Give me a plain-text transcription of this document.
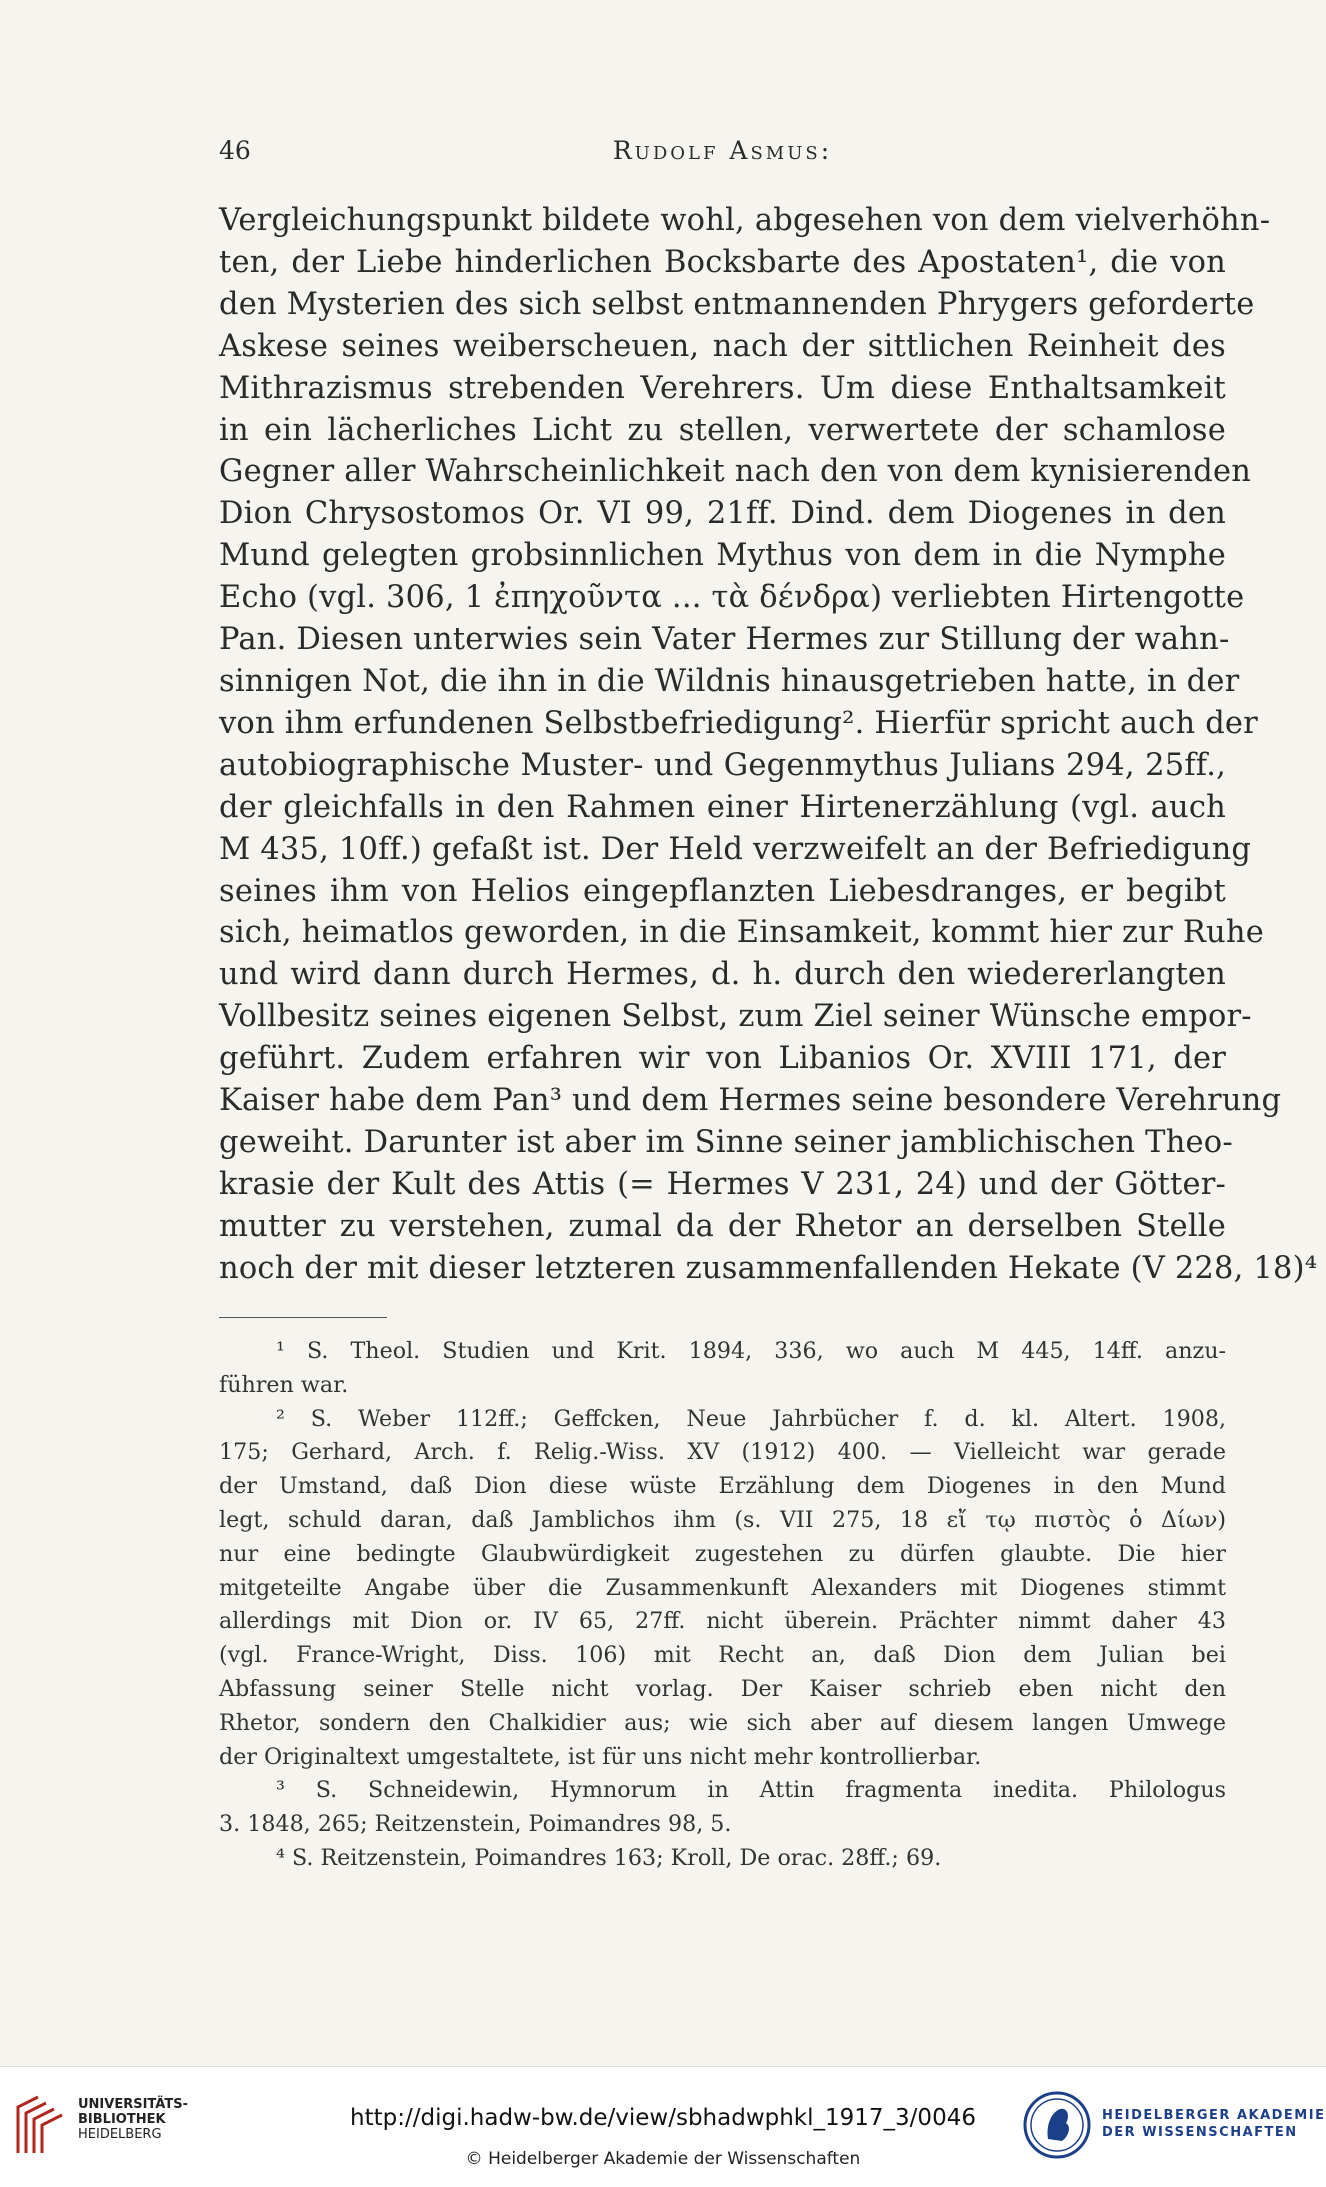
46	Rudolf Asmus:
Vergleichungspunkt bildete wohl, abgesehen von dem vielverhöhn-
ten, der Liebe hinderlichen Bocksbarte des Apostaten¹, die von
den Mysterien des sich selbst entmannenden Phrygers geforderte
Askese seines weiberscheuen, nach der sittlichen Reinheit des
Mithrazismus strebenden Verehrers. Um diese Enthaltsamkeit
in ein lächerliches Licht zu stellen, verwertete der schamlose
Gegner aller Wahrscheinlichkeit nach den von dem kynisierenden
Dion Chrysostomos Or. VI 99, 21ff. Dind. dem Diogenes in den
Mund gelegten grobsinnlichen Mythus von dem in die Nymphe
Echo (vgl. 306, 1 ἐπηχοῦντα ... τὰ δένδρα) verliebten Hirtengotte
Pan. Diesen unterwies sein Vater Hermes zur Stillung der wahn-
sinnigen Not, die ihn in die Wildnis hinausgetrieben hatte, in der
von ihm erfundenen Selbstbefriedigung². Hierfür spricht auch der
autobiographische Muster- und Gegenmythus Julians 294, 25ff.,
der gleichfalls in den Rahmen einer Hirtenerzählung (vgl. auch
M 435, 10ff.) gefaßt ist. Der Held verzweifelt an der Befriedigung
seines ihm von Helios eingepflanzten Liebesdranges, er begibt
sich, heimatlos geworden, in die Einsamkeit, kommt hier zur Ruhe
und wird dann durch Hermes, d. h. durch den wiedererlangten
Vollbesitz seines eigenen Selbst, zum Ziel seiner Wünsche empor-
geführt. Zudem erfahren wir von Libanios Or. XVIII 171, der
Kaiser habe dem Pan³ und dem Hermes seine besondere Verehrung
geweiht. Darunter ist aber im Sinne seiner jamblichischen Theo-
krasie der Kult des Attis (= Hermes V 231, 24) und der Götter-
mutter zu verstehen, zumal da der Rhetor an derselben Stelle
noch der mit dieser letzteren zusammenfallenden Hekate (V 228, 18)⁴
¹ S. Theol. Studien und Krit. 1894, 336, wo auch M 445, 14ff. anzu-
führen war.
² S. Weber 112ff.; Geffcken, Neue Jahrbücher f. d. kl. Altert. 1908,
175; Gerhard, Arch. f. Relig.-Wiss. XV (1912) 400. — Vielleicht war gerade
der Umstand, daß Dion diese wüste Erzählung dem Diogenes in den Mund
legt, schuld daran, daß Jamblichos ihm (s. VII 275, 18 εἴ τῳ πιστὸς ὁ Δίων)
nur eine bedingte Glaubwürdigkeit zugestehen zu dürfen glaubte. Die hier
mitgeteilte Angabe über die Zusammenkunft Alexanders mit Diogenes stimmt
allerdings mit Dion or. IV 65, 27ff. nicht überein. Prächter nimmt daher 43
(vgl. France-Wright, Diss. 106) mit Recht an, daß Dion dem Julian bei
Abfassung seiner Stelle nicht vorlag. Der Kaiser schrieb eben nicht den
Rhetor, sondern den Chalkidier aus; wie sich aber auf diesem langen Umwege
der Originaltext umgestaltete, ist für uns nicht mehr kontrollierbar.
³ S. Schneidewin, Hymnorum in Attin fragmenta inedita. Philologus
3. 1848, 265; Reitzenstein, Poimandres 98, 5.
⁴ S. Reitzenstein, Poimandres 163; Kroll, De orac. 28ff.; 69.
UNIVERSITÄTS-
BIBLIOTHEK
HEIDELBERG
http://digi.hadw-bw.de/view/sbhadwphkl_1917_3/0046
© Heidelberger Akademie der Wissenschaften
HEIDELBERGER AKADEMIE
DER WISSENSCHAFTEN
